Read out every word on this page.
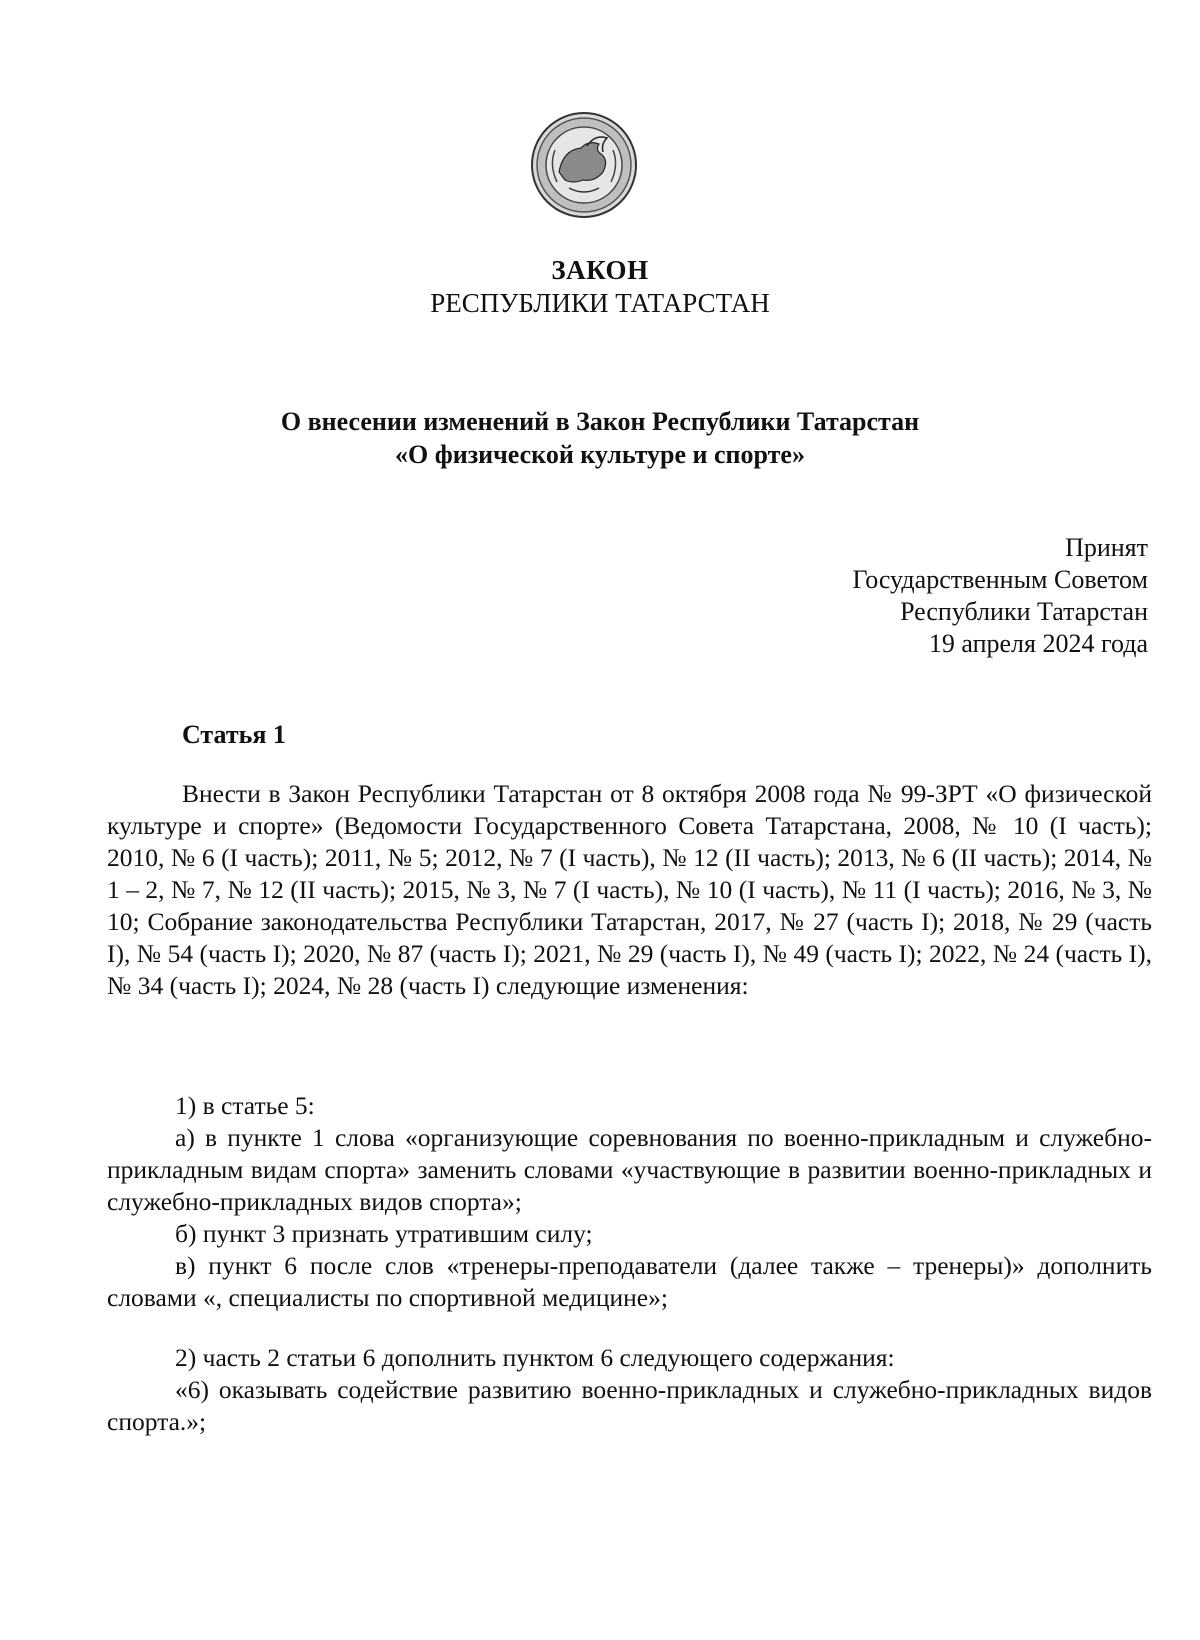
ЗАКОН
РЕСПУБЛИКИ ТАТАРСТАН
О внесении изменений в Закон Республики Татарстан
«О физической культуре и спорте»
Принят
Государственным Советом
Республики Татарстан
19 апреля 2024 года
Статья 1
Внести в Закон Республики Татарстан от 8 октября 2008 года № 99-ЗРТ «О физической культуре и спорте» (Ведомости Государственного Совета Татарстана, 2008, № 10 (I часть); 2010, № 6 (I часть); 2011, № 5; 2012, № 7 (I часть), № 12 (II часть); 2013, № 6 (II часть); 2014, № 1 – 2, № 7, № 12 (II часть); 2015, № 3, № 7 (I часть), № 10 (I часть), № 11 (I часть); 2016, № 3, № 10; Собрание законодательства Республики Татарстан, 2017, № 27 (часть I); 2018, № 29 (часть I), № 54 (часть I); 2020, № 87 (часть I); 2021, № 29 (часть I), № 49 (часть I); 2022, № 24 (часть I), № 34 (часть I); 2024, № 28 (часть I) следующие изменения:

1) в статье 5:

а) в пункте 1 слова «организующие соревнования по военно-прикладным и служебно-прикладным видам спорта» заменить словами «участвующие в развитии военно-прикладных и служебно-прикладных видов спорта»;

б) пункт 3 признать утратившим силу;

в) пункт 6 после слов «тренеры-преподаватели (далее также – тренеры)» дополнить словами «, специалисты по спортивной медицине»;

2) часть 2 статьи 6 дополнить пунктом 6 следующего содержания:

«6) оказывать содействие развитию военно-прикладных и служебно-прикладных видов спорта.»;
